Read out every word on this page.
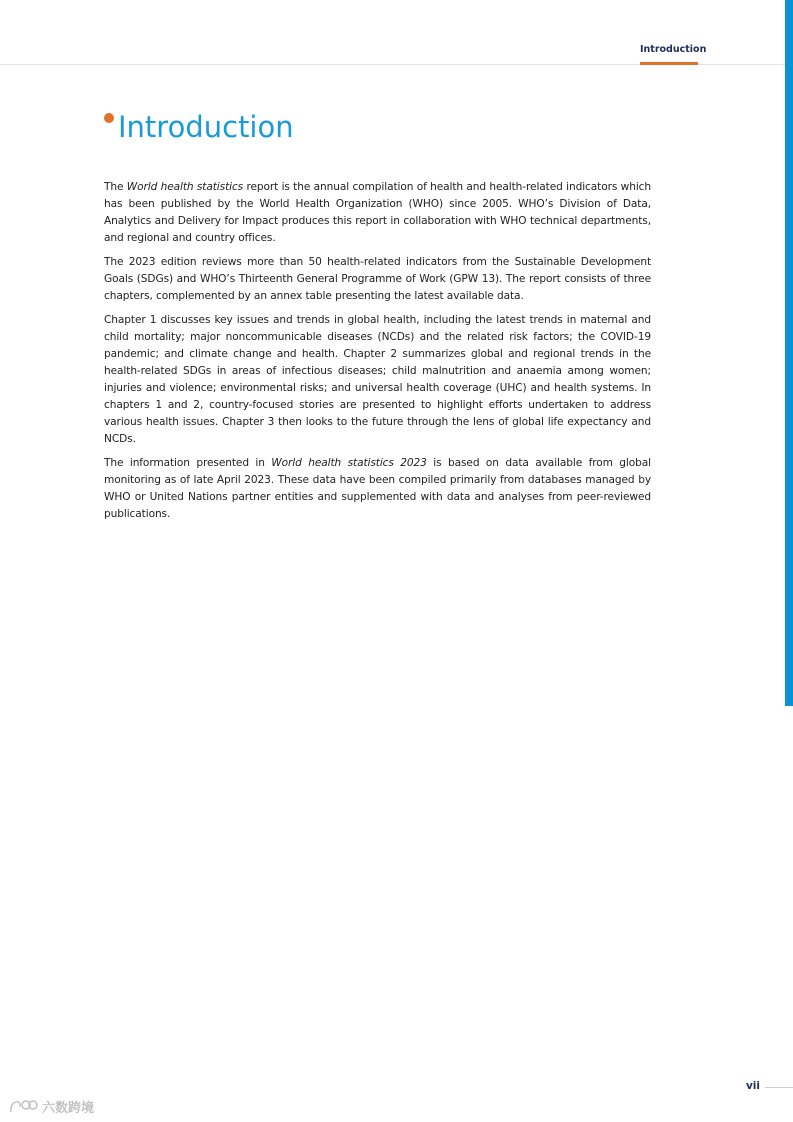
Introduction
Introduction

The World health statistics report is the annual compilation of health and health-related indicators which has been published by the World Health Organization (WHO) since 2005. WHO’s Division of Data, Analytics and Delivery for Impact produces this report in collaboration with WHO technical departments, and regional and country offices.

The 2023 edition reviews more than 50 health-related indicators from the Sustainable Development Goals (SDGs) and WHO’s Thirteenth General Programme of Work (GPW 13). The report consists of three chapters, complemented by an annex table presenting the latest available data.

Chapter 1 discusses key issues and trends in global health, including the latest trends in maternal and child mortality; major noncommunicable diseases (NCDs) and the related risk factors; the COVID-19 pandemic; and climate change and health. Chapter 2 summarizes global and regional trends in the health-related SDGs in areas of infectious diseases; child malnutrition and anaemia among women; injuries and violence; environmental risks; and universal health coverage (UHC) and health systems. In chapters 1 and 2, country-focused stories are presented to highlight efforts undertaken to address various health issues. Chapter 3 then looks to the future through the lens of global life expectancy and NCDs.

The information presented in World health statistics 2023 is based on data available from global monitoring as of late April 2023. These data have been compiled primarily from databases managed by WHO or United Nations partner entities and supplemented with data and analyses from peer-reviewed publications.

vii
六数跨境
